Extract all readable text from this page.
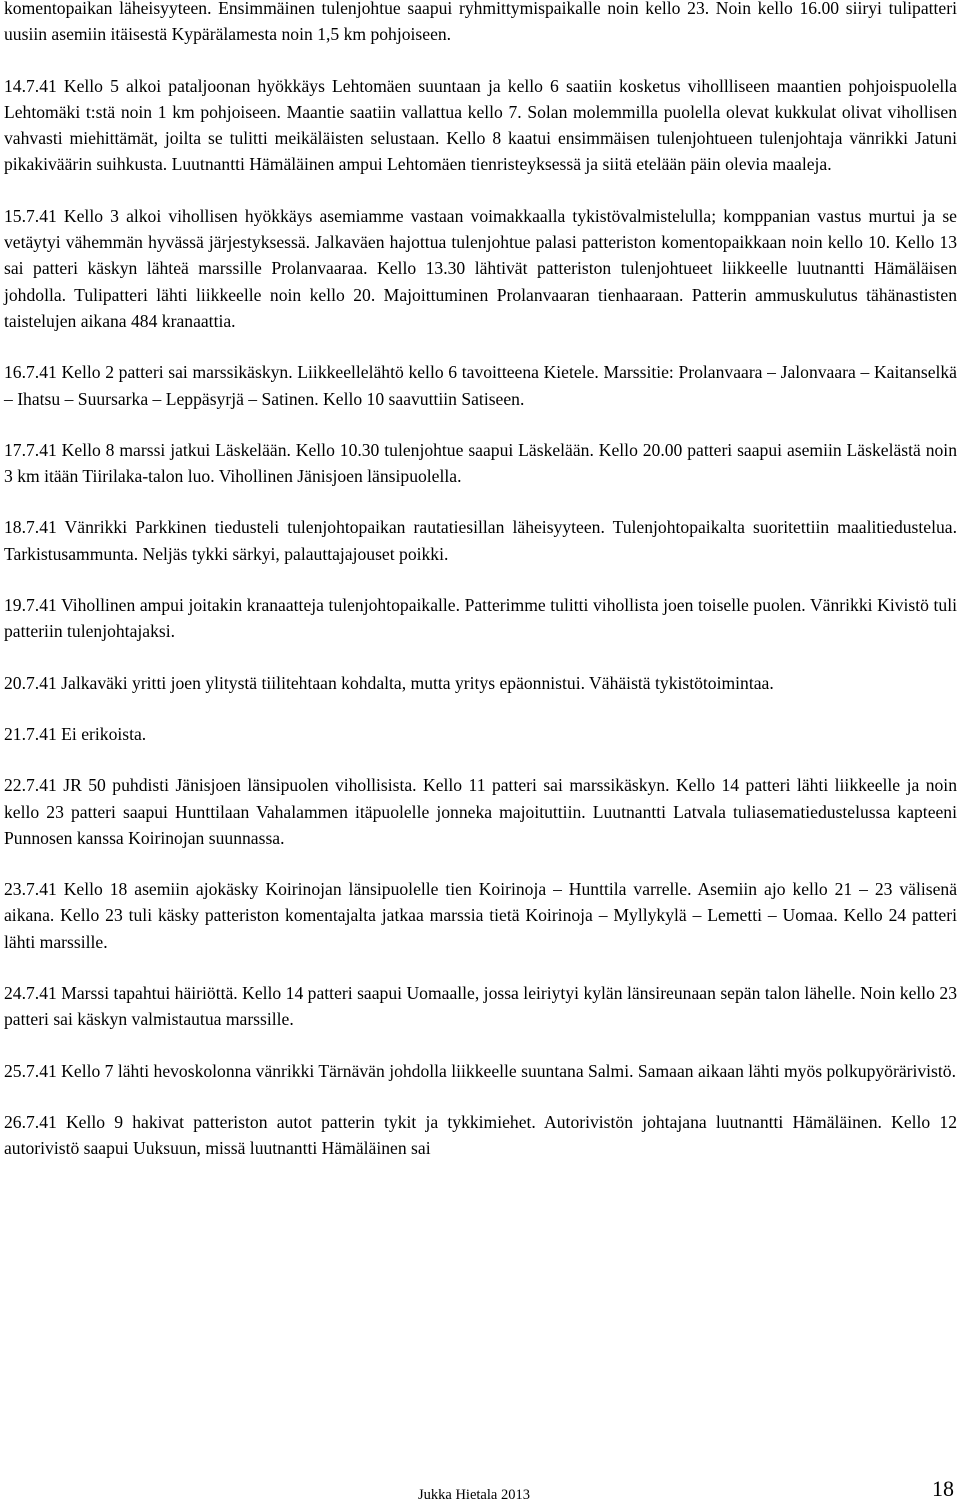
komentopaikan läheisyyteen. Ensimmäinen tulenjohtue saapui ryhmittymispaikalle noin kello 23. Noin kello 16.00 siiryi tulipatteri uusiin asemiin itäisestä Kypärälamesta noin 1,5 km pohjoiseen.

14.7.41 Kello 5 alkoi pataljoonan hyökkäys Lehtomäen suuntaan ja kello 6 saatiin kosketus vihollliseen maantien pohjoispuolella Lehtomäki t:stä noin 1 km pohjoiseen. Maantie saatiin vallattua kello 7. Solan molemmilla puolella olevat kukkulat olivat vihollisen vahvasti miehittämät, joilta se tulitti meikäläisten selustaan. Kello 8 kaatui ensimmäisen tulenjohtueen tulenjohtaja vänrikki Jatuni pikakiväärin suihkusta. Luutnantti Hämäläinen ampui Lehtomäen tienristeyksessä ja siitä etelään päin olevia maaleja.

15.7.41 Kello 3 alkoi vihollisen hyökkäys asemiamme vastaan voimakkaalla tykistövalmistelulla; komppanian vastus murtui ja se vetäytyi vähemmän hyvässä järjestyksessä. Jalkaväen hajottua tulenjohtue palasi patteriston komentopaikkaan noin kello 10. Kello 13 sai patteri käskyn lähteä marssille Prolanvaaraa. Kello 13.30 lähtivät patteriston tulenjohtueet liikkeelle luutnantti Hämäläisen johdolla. Tulipatteri lähti liikkeelle noin kello 20. Majoittuminen Prolanvaaran tienhaaraan. Patterin ammuskulutus tähänastisten taistelujen aikana 484 kranaattia.

16.7.41 Kello 2 patteri sai marssikäskyn. Liikkeellelähtö kello 6 tavoitteena Kietele. Marssitie: Prolanvaara – Jalonvaara – Kaitanselkä – Ihatsu – Suursarka – Leppäsyrjä – Satinen. Kello 10 saavuttiin Satiseen.

17.7.41 Kello 8 marssi jatkui Läskelään. Kello 10.30 tulenjohtue saapui Läskelään. Kello 20.00 patteri saapui asemiin Läskelästä noin 3 km itään Tiirilaka-talon luo. Vihollinen Jänisjoen länsipuolella.

18.7.41 Vänrikki Parkkinen tiedusteli tulenjohtopaikan rautatiesillan läheisyyteen. Tulenjohtopaikalta suoritettiin maalitiedustelua. Tarkistusammunta. Neljäs tykki särkyi, palauttajajouset poikki.

19.7.41 Vihollinen ampui joitakin kranaatteja tulenjohtopaikalle. Patterimme tulitti vihollista joen toiselle puolen. Vänrikki Kivistö tuli patteriin tulenjohtajaksi.

20.7.41 Jalkaväki yritti joen ylitystä tiilitehtaan kohdalta, mutta yritys epäonnistui. Vähäistä tykistötoimintaa.

21.7.41 Ei erikoista.

22.7.41 JR 50 puhdisti Jänisjoen länsipuolen vihollisista. Kello 11 patteri sai marssikäskyn. Kello 14 patteri lähti liikkeelle ja noin kello 23 patteri saapui Hunttilaan Vahalammen itäpuolelle jonneka majoituttiin. Luutnantti Latvala tuliasematiedustelussa kapteeni Punnosen kanssa Koirinojan suunnassa.

23.7.41 Kello 18 asemiin ajokäsky Koirinojan länsipuolelle tien Koirinoja – Hunttila varrelle. Asemiin ajo kello 21 – 23 välisenä aikana. Kello 23 tuli käsky patteriston komentajalta jatkaa marssia tietä Koirinoja – Myllykylä – Lemetti – Uomaa. Kello 24 patteri lähti marssille.

24.7.41 Marssi tapahtui häiriöttä. Kello 14 patteri saapui Uomaalle, jossa leiriytyi kylän länsireunaan sepän talon lähelle. Noin kello 23 patteri sai käskyn valmistautua marssille.

25.7.41 Kello 7 lähti hevoskolonna vänrikki Tärnävän johdolla liikkeelle suuntana Salmi. Samaan aikaan lähti myös polkupyörärivistö.

26.7.41 Kello 9 hakivat patteriston autot patterin tykit ja tykkimiehet. Autorivistön johtajana luutnantti Hämäläinen. Kello 12 autorivistö saapui Uuksuun, missä luutnantti Hämäläinen sai

Jukka Hietala 2013	18
